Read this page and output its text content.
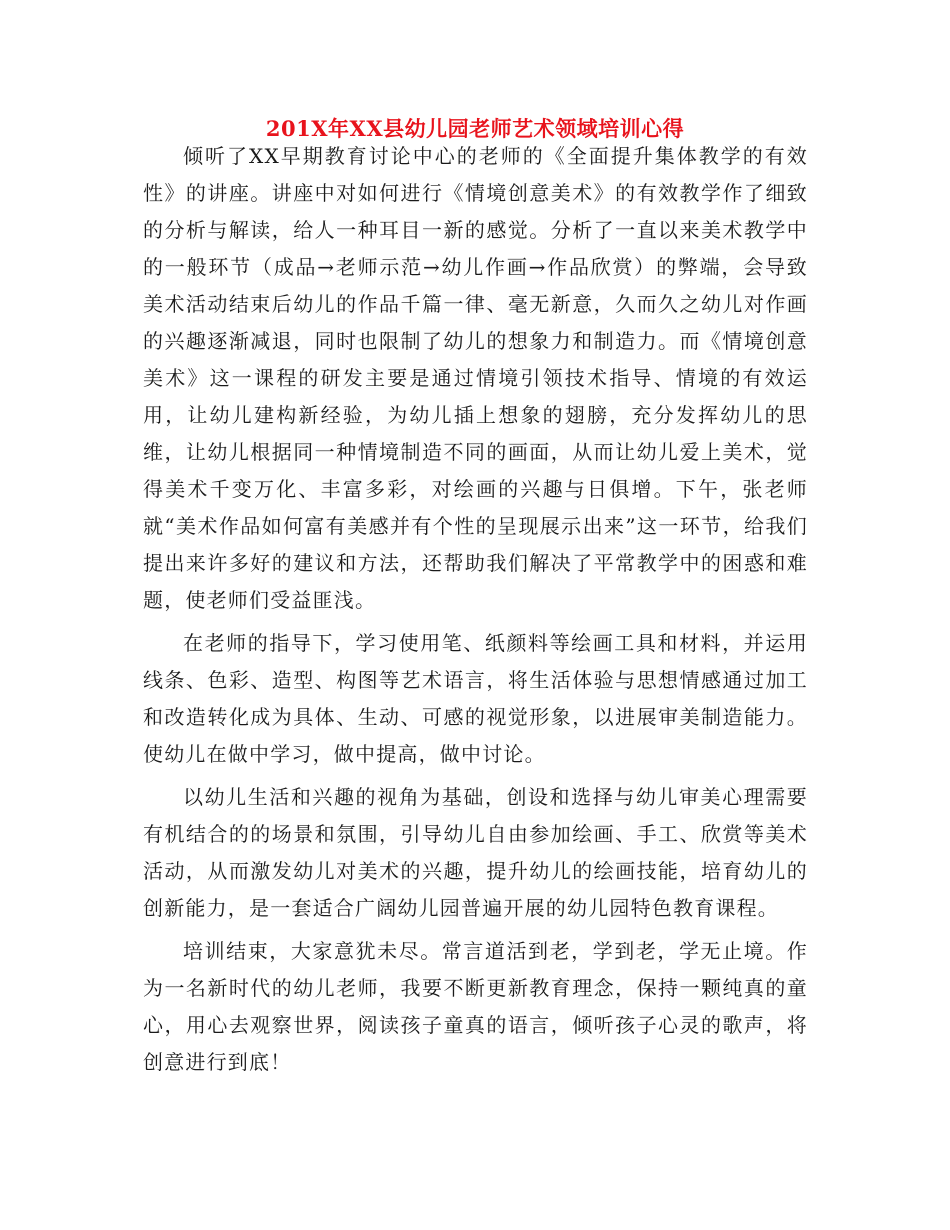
201X年XX县幼儿园老师艺术领域培训心得

倾听了XX早期教育讨论中心的老师的《全面提升集体教学的有效性》的讲座。讲座中对如何进行《情境创意美术》的有效教学作了细致的分析与解读，给人一种耳目一新的感觉。分析了一直以来美术教学中的一般环节（成品→老师示范→幼儿作画→作品欣赏）的弊端，会导致美术活动结束后幼儿的作品千篇一律、毫无新意，久而久之幼儿对作画的兴趣逐渐减退，同时也限制了幼儿的想象力和制造力。而《情境创意美术》这一课程的研发主要是通过情境引领技术指导、情境的有效运用，让幼儿建构新经验，为幼儿插上想象的翅膀，充分发挥幼儿的思维，让幼儿根据同一种情境制造不同的画面，从而让幼儿爱上美术，觉得美术千变万化、丰富多彩，对绘画的兴趣与日俱增。下午，张老师就“美术作品如何富有美感并有个性的呈现展示出来”这一环节，给我们提出来许多好的建议和方法，还帮助我们解决了平常教学中的困惑和难题，使老师们受益匪浅。

在老师的指导下，学习使用笔、纸颜料等绘画工具和材料，并运用线条、色彩、造型、构图等艺术语言，将生活体验与思想情感通过加工和改造转化成为具体、生动、可感的视觉形象，以进展审美制造能力。使幼儿在做中学习，做中提高，做中讨论。

以幼儿生活和兴趣的视角为基础，创设和选择与幼儿审美心理需要有机结合的的场景和氛围，引导幼儿自由参加绘画、手工、欣赏等美术活动，从而激发幼儿对美术的兴趣，提升幼儿的绘画技能，培育幼儿的创新能力，是一套适合广阔幼儿园普遍开展的幼儿园特色教育课程。

培训结束，大家意犹未尽。常言道活到老，学到老，学无止境。作为一名新时代的幼儿老师，我要不断更新教育理念，保持一颗纯真的童心，用心去观察世界，阅读孩子童真的语言，倾听孩子心灵的歌声，将创意进行到底！
